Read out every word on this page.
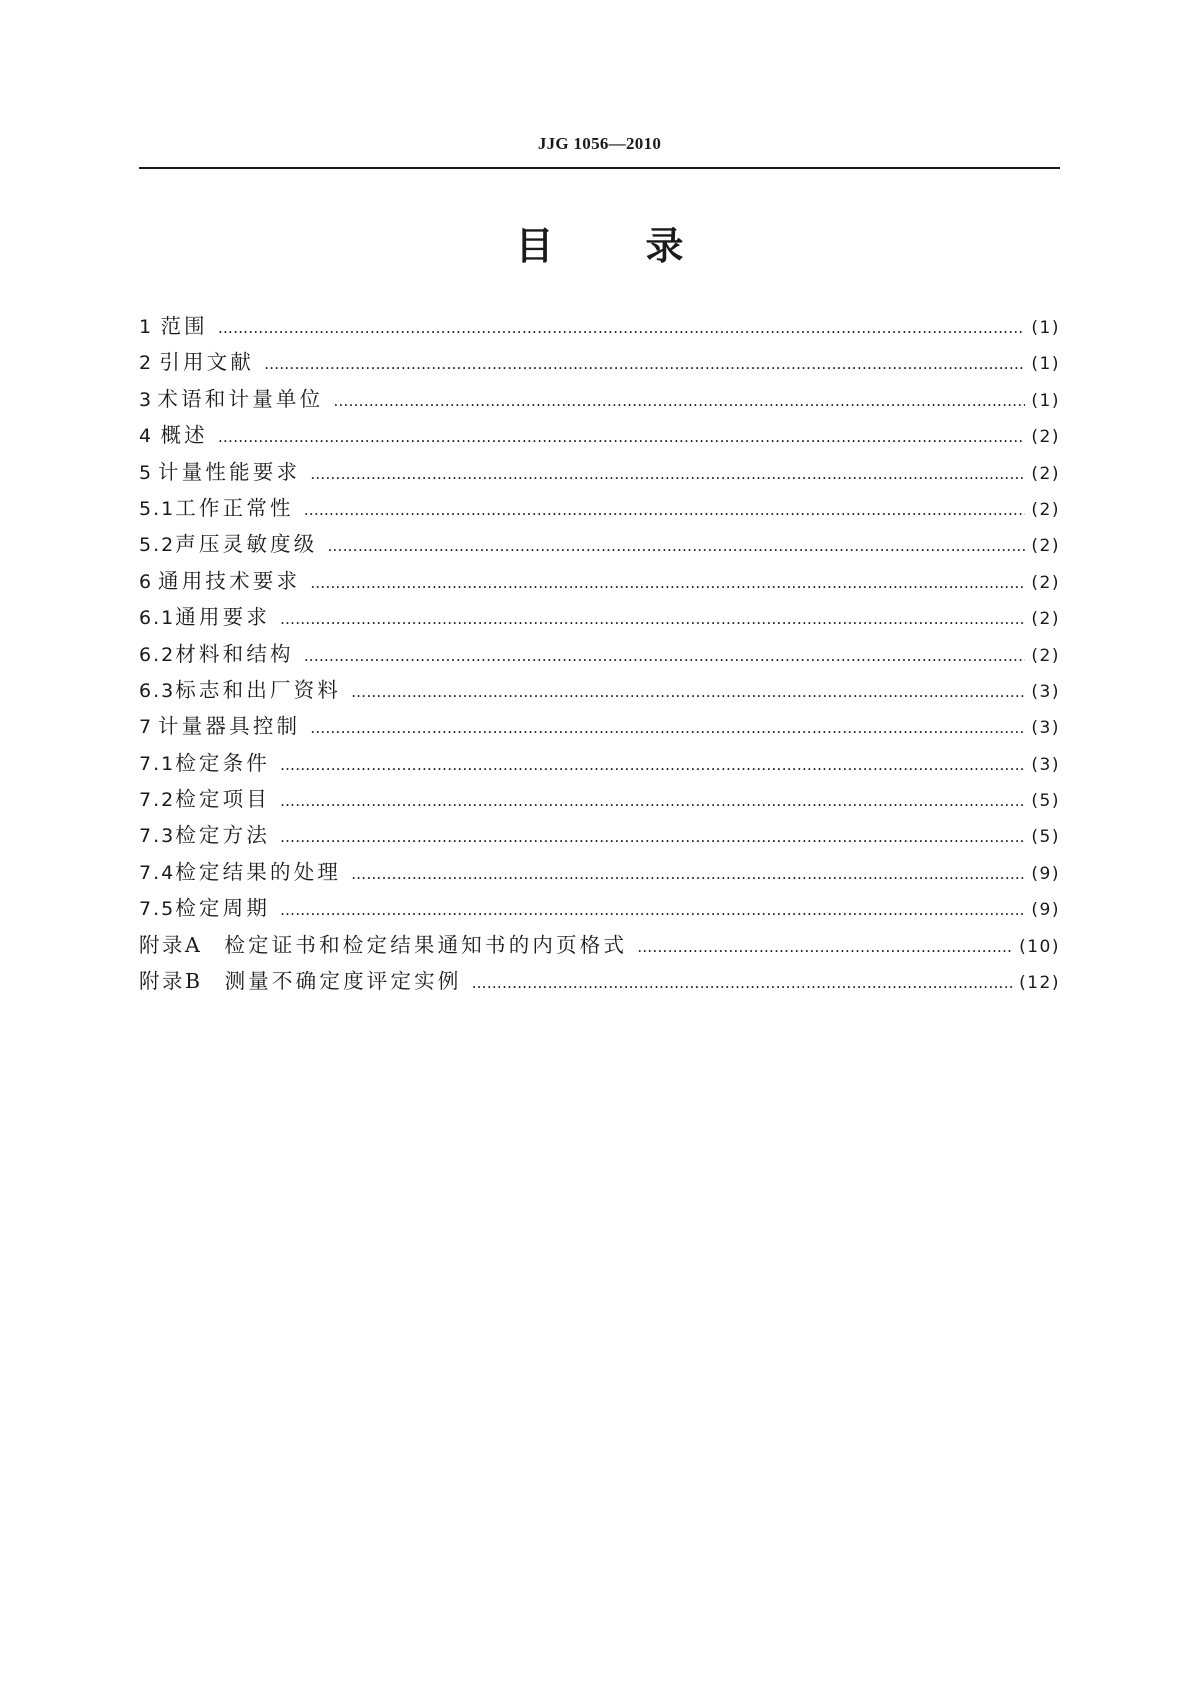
JJG 1056—2010
目 录
1 范围 …………………………………………………………………………………………………………………………………………………………………………………………………………………………………………………………	(1)
2 引用文献 …………………………………………………………………………………………………………………………………………………………………………………………………………………………………………………………	(1)
3 术语和计量单位 …………………………………………………………………………………………………………………………………………………………………………………………………………………………………………………………	(1)
4 概述 …………………………………………………………………………………………………………………………………………………………………………………………………………………………………………………………	(2)
5 计量性能要求 …………………………………………………………………………………………………………………………………………………………………………………………………………………………………………………………	(2)
5.1 工作正常性 …………………………………………………………………………………………………………………………………………………………………………………………………………………………………………………………	(2)
5.2 声压灵敏度级 …………………………………………………………………………………………………………………………………………………………………………………………………………………………………………………………	(2)
6 通用技术要求 …………………………………………………………………………………………………………………………………………………………………………………………………………………………………………………………	(2)
6.1 通用要求 …………………………………………………………………………………………………………………………………………………………………………………………………………………………………………………………	(2)
6.2 材料和结构 …………………………………………………………………………………………………………………………………………………………………………………………………………………………………………………………	(2)
6.3 标志和出厂资料 …………………………………………………………………………………………………………………………………………………………………………………………………………………………………………………………	(3)
7 计量器具控制 …………………………………………………………………………………………………………………………………………………………………………………………………………………………………………………………	(3)
7.1 检定条件 …………………………………………………………………………………………………………………………………………………………………………………………………………………………………………………………	(3)
7.2 检定项目 …………………………………………………………………………………………………………………………………………………………………………………………………………………………………………………………	(5)
7.3 检定方法 …………………………………………………………………………………………………………………………………………………………………………………………………………………………………………………………	(5)
7.4 检定结果的处理 …………………………………………………………………………………………………………………………………………………………………………………………………………………………………………………………	(9)
7.5 检定周期 …………………………………………………………………………………………………………………………………………………………………………………………………………………………………………………………	(9)
附录A	检定证书和检定结果通知书的内页格式 …………………………………………………………………………………………………………………………………………………………………………………………………………………………………………………………	(10)
附录B	测量不确定度评定实例 …………………………………………………………………………………………………………………………………………………………………………………………………………………………………………………………	(12)
